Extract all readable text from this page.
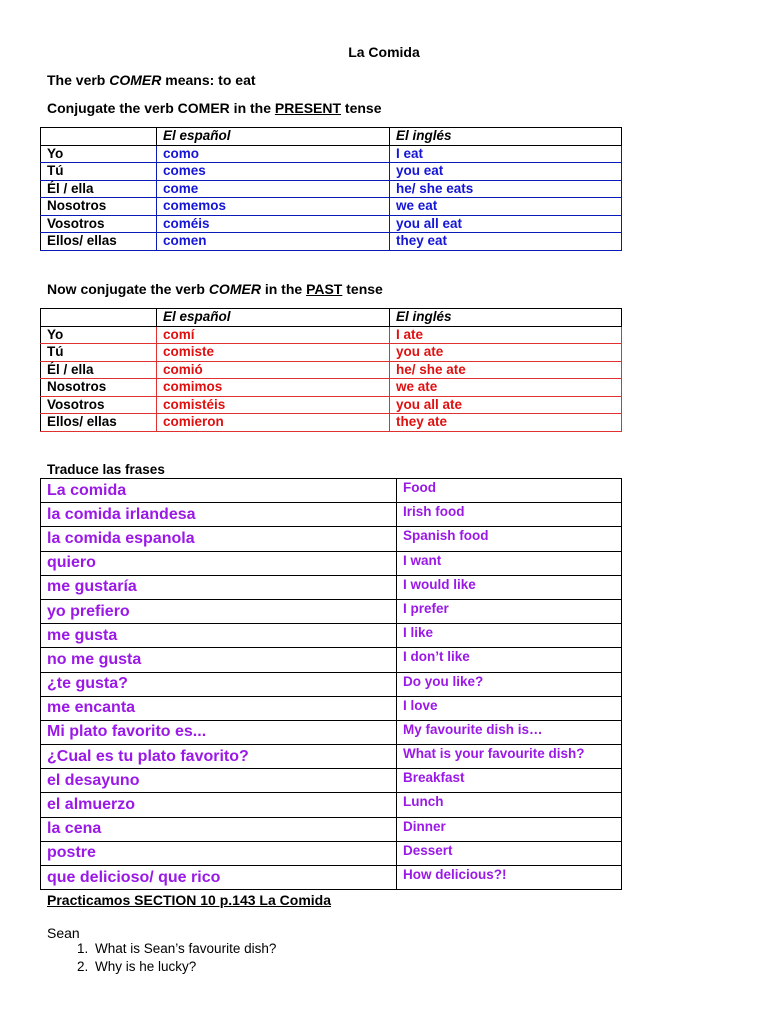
La Comida
The verb COMER means: to eat
Conjugate the verb COMER in the PRESENT tense
	El español	El inglés
Yo	como	I eat
Tú	comes	you eat
Él / ella	come	he/ she eats
Nosotros	comemos	we eat
Vosotros	coméis	you all eat
Ellos/ ellas	comen	they eat
Now conjugate the verb COMER in the PAST tense
	El español	El inglés
Yo	comí	I ate
Tú	comiste	you ate
Él / ella	comió	he/ she ate
Nosotros	comimos	we ate
Vosotros	comistéis	you all ate
Ellos/ ellas	comieron	they ate
Traduce las frases
La comida	Food
la comida irlandesa	Irish food
la comida espanola	Spanish food
quiero	I want
me gustaría	I would like
yo prefiero	I prefer
me gusta	I like
no me gusta	I don’t like
¿te gusta?	Do you like?
me encanta	I love
Mi plato favorito es...	My favourite dish is…
¿Cual es tu plato favorito?	What is your favourite dish?
el desayuno	Breakfast
el almuerzo	Lunch
la cena	Dinner
postre	Dessert
que delicioso/ que rico	How delicious?!
Practicamos SECTION 10 p.143 La Comida
Sean
1. What is Sean’s favourite dish?
2. Why is he lucky?
